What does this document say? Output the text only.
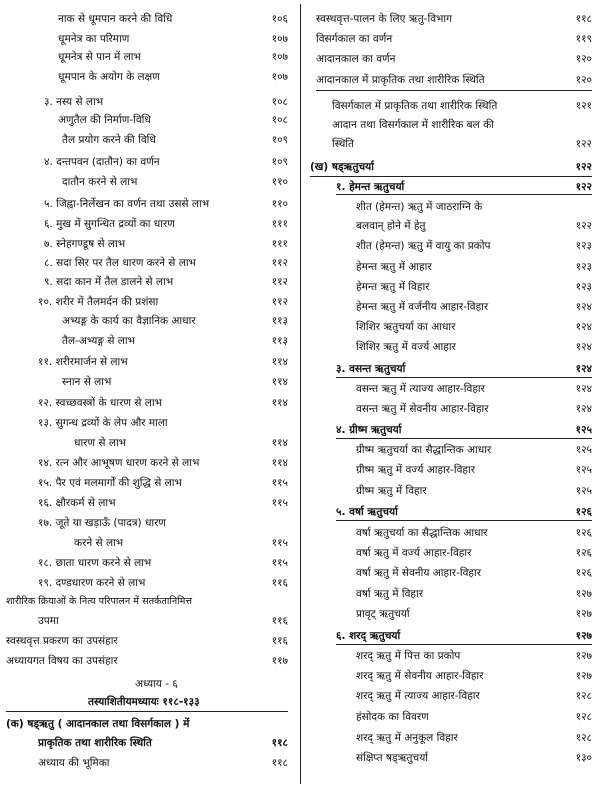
नाक से धूमपान करने की विधि	१०६
धूमनेत्र का परिमाण	१०७
धूमनेत्र से पान में लाभ	१०७
धूमपान के अयोग के लक्षण	१०७
३. नस्य से लाभ	१०८
अणुतैल की निर्माण-विधि	१०८
तैल प्रयोग करने की विधि	१०९
४. दन्तपवन (दातौन) का वर्णन	१०९
दातौन करने से लाभ	११०
५. जिह्वा-निर्लेखन का वर्णन तथा उससे लाभ	११०
६. मुख में सुगन्धित द्रव्यों का धारण	१११
७. स्नेहगण्डूष से लाभ	१११
८. सदा सिर पर तैल धारण करने से लाभ	११२
९. सदा कान में तैल डालने से लाभ	११२
१०. शरीर में तैलमर्दन की प्रशंसा	११२
अभ्यङ्ग के कार्य का वैज्ञानिक आधार	११३
तैल-अभ्यङ्ग से लाभ	११३
११. शरीरमार्जन से लाभ	११४
स्नान से लाभ	११४
१२. स्वच्छवस्त्रों के धारण से लाभ	११४
१३. सुगन्ध द्रव्यों के लेप और माला
धारण से लाभ	११४
१४. रत्न और आभूषण धारण करने से लाभ	११४
१५. पैर एवं मलमार्गों की शुद्धि से लाभ	११५
१६. क्षौरकर्म से लाभ	११५
१७. जूते या खड़ाऊँ (पादत्र) धारण
करने से लाभ	११५
१८. छाता धारण करने से लाभ	११५
१९. दण्डधारण करने से लाभ	११६
शारीरिक क्रियाओं के नित्य परिपालन में सतर्कतानिमित्त
उपमा	११६
स्वस्थवृत्त प्रकरण का उपसंहार	११६
अध्यायगत विषय का उपसंहार	११७
अध्याय - ६
तस्याशितीयमध्यायः ११८-१३३
(क) षड्ऋतु ( आदानकाल तथा विसर्गकाल ) में
प्राकृतिक तथा शारीरिक स्थिति	११८
अध्याय की भूमिका	११८
स्वस्थवृत्त-पालन के लिए ऋतु-विभाग	११८
विसर्गकाल का वर्णन	११९
आदानकाल का वर्णन	१२०
आदानकाल में प्राकृतिक तथा शारीरिक स्थिति	१२०
विसर्गकाल में प्राकृतिक तथा शारीरिक स्थिति	१२१
आदान तथा विसर्गकाल में शारीरिक बल की
स्थिति	१२२
(ख) षड्ऋतुचर्या	१२२
१. हेमन्त ऋतुचर्या	१२२
शीत (हेमन्त) ऋतु में जाठराग्नि के
बलवान् होने में हेतु	१२२
शीत (हेमन्त) ऋतु में वायु का प्रकोप	१२३
हेमन्त ऋतु में आहार	१२३
हेमन्त ऋतु में विहार	१२३
हेमन्त ऋतु में वर्जनीय आहार-विहार	१२४
शिशिर ऋतुचर्या का आधार	१२४
शिशिर ऋतु में वर्ज्य आहार	१२४
३. वसन्त ऋतुचर्या	१२४
वसन्त ऋतु में त्याज्य आहार-विहार	१२४
वसन्त ऋतु में सेवनीय आहार-विहार	१२४
४. ग्रीष्म ऋतुचर्या	१२५
ग्रीष्म ऋतुचर्या का सैद्धान्तिक आधार	१२५
ग्रीष्म ऋतु में वर्ज्य आहार-विहार	१२५
ग्रीष्म ऋतु में विहार	१२५
५. वर्षा ऋतुचर्या	१२६
वर्षा ऋतुचर्या का सैद्धान्तिक आधार	१२६
वर्षा ऋतु में वर्ज्य आहार-विहार	१२६
वर्षा ऋतु में सेवनीय आहार-विहार	१२६
वर्षा ऋतु में विहार	१२७
प्रावृट् ऋतुचर्या	१२७
६. शरद् ऋतुचर्या	१२७
शरद् ऋतु में पित्त का प्रकोप	१२७
शरद् ऋतु में सेवनीय आहार-विहार	१२७
शरद् ऋतु में त्याज्य आहार-विहार	१२८
हंसोदक का विवरण	१२८
शरद् ऋतु में अनुकूल विहार	१२८
संक्षिप्त षड्ऋतुचर्या	१३०
